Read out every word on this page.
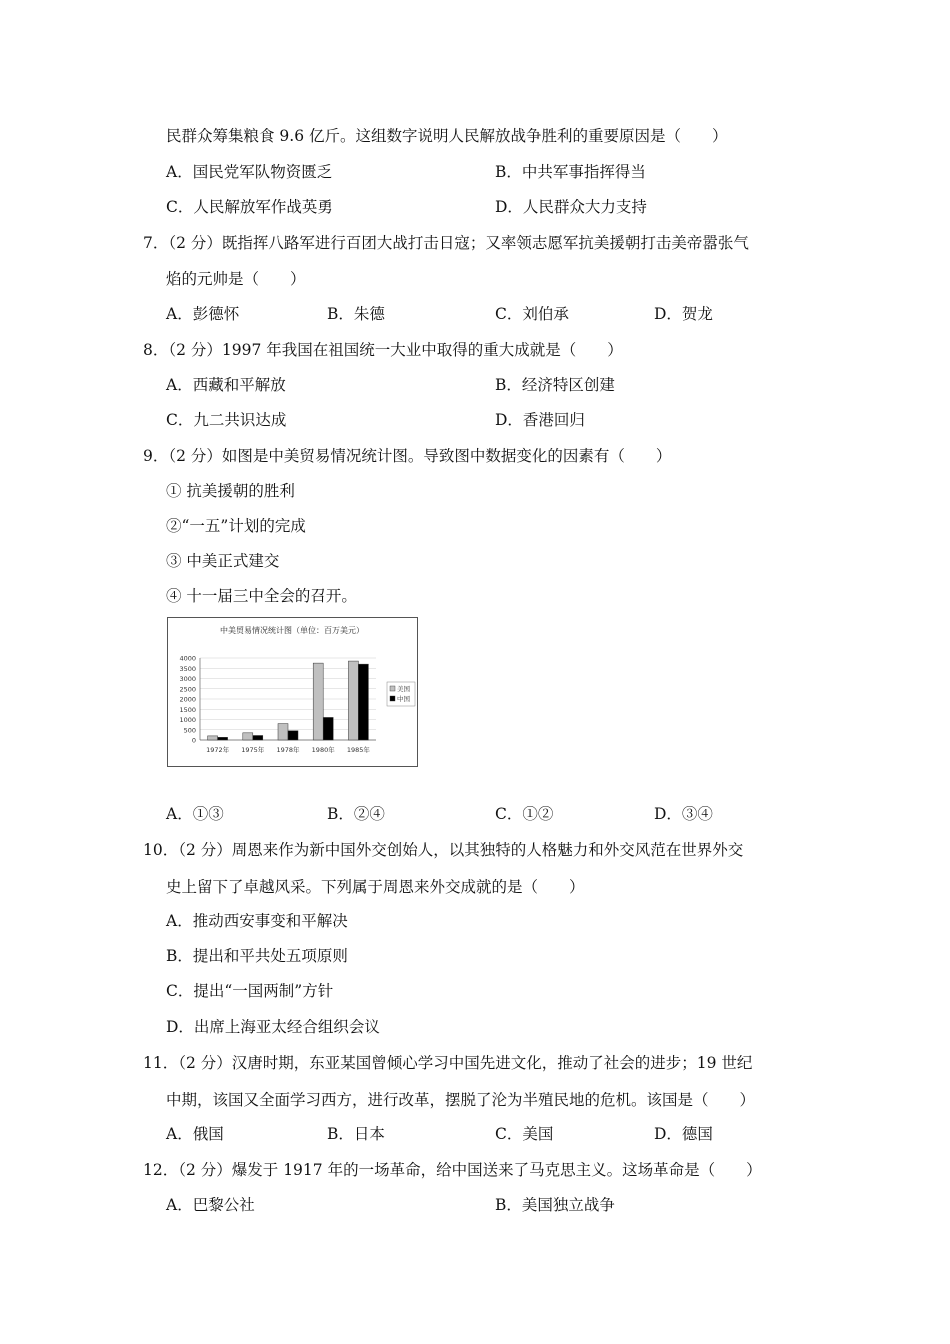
民群众筹集粮食 9.6 亿斤。这组数字说明人民解放战争胜利的重要原因是（　　）
A．国民党军队物资匮乏	B．中共军事指挥得当
C．人民解放军作战英勇	D．人民群众大力支持
7．（2 分）既指挥八路军进行百团大战打击日寇；又率领志愿军抗美援朝打击美帝嚣张气
焰的元帅是（　　）
A．彭德怀	B．朱德	C．刘伯承	D．贺龙
8．（2 分）1997 年我国在祖国统一大业中取得的重大成就是（　　）
A．西藏和平解放	B．经济特区创建
C．九二共识达成	D．香港回归
9．（2 分）如图是中美贸易情况统计图。导致图中数据变化的因素有（　　）
① 抗美援朝的胜利
②“一五”计划的完成
③ 中美正式建交
④ 十一届三中全会的召开。
中美贸易情况统计图（单位：百万美元）
0
500
1000
1500
2000
2500
3000
3500
4000
1972年 1975年 1978年 1980年 1985年
美国
中国
A．①③	B．②④	C．①②	D．③④
10．（2 分）周恩来作为新中国外交创始人，以其独特的人格魅力和外交风范在世界外交
史上留下了卓越风采。下列属于周恩来外交成就的是（　　）
A．推动西安事变和平解决
B．提出和平共处五项原则
C．提出“一国两制”方针
D．出席上海亚太经合组织会议
11．（2 分）汉唐时期，东亚某国曾倾心学习中国先进文化，推动了社会的进步；19 世纪
中期，该国又全面学习西方，进行改革，摆脱了沦为半殖民地的危机。该国是（　　）
A．俄国	B．日本	C．美国	D．德国
12．（2 分）爆发于 1917 年的一场革命，给中国送来了马克思主义。这场革命是（　　）
A．巴黎公社	B．美国独立战争
